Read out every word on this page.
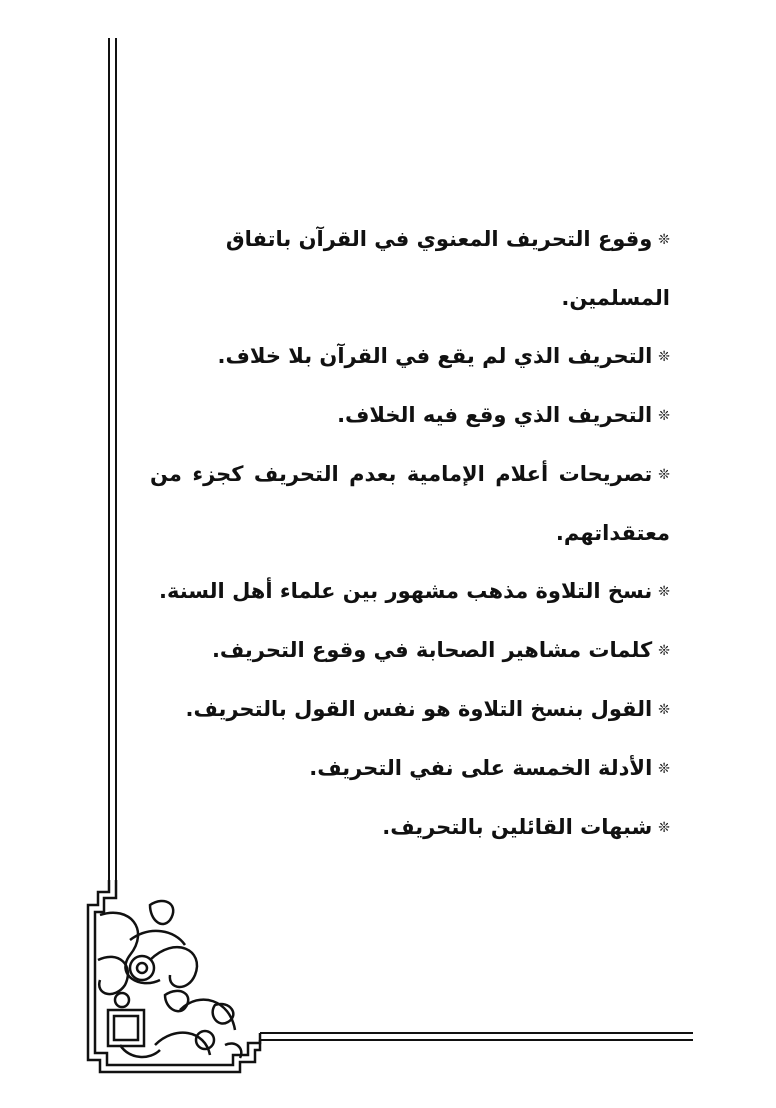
❊وقوع التحريف المعنوي في القرآن باتفاق المسلمين.

❊التحريف الذي لم يقع في القرآن بلا خلاف.

❊التحريف الذي وقع فيه الخلاف.

❊تصريحات أعلام الإمامية بعدم التحريف كجزء من معتقداتهم.

❊نسخ التلاوة مذهب مشهور بين علماء أهل السنة.

❊كلمات مشاهير الصحابة في وقوع التحريف.

❊القول بنسخ التلاوة هو نفس القول بالتحريف.

❊الأدلة الخمسة على نفي التحريف.

❊شبهات القائلين بالتحريف.
